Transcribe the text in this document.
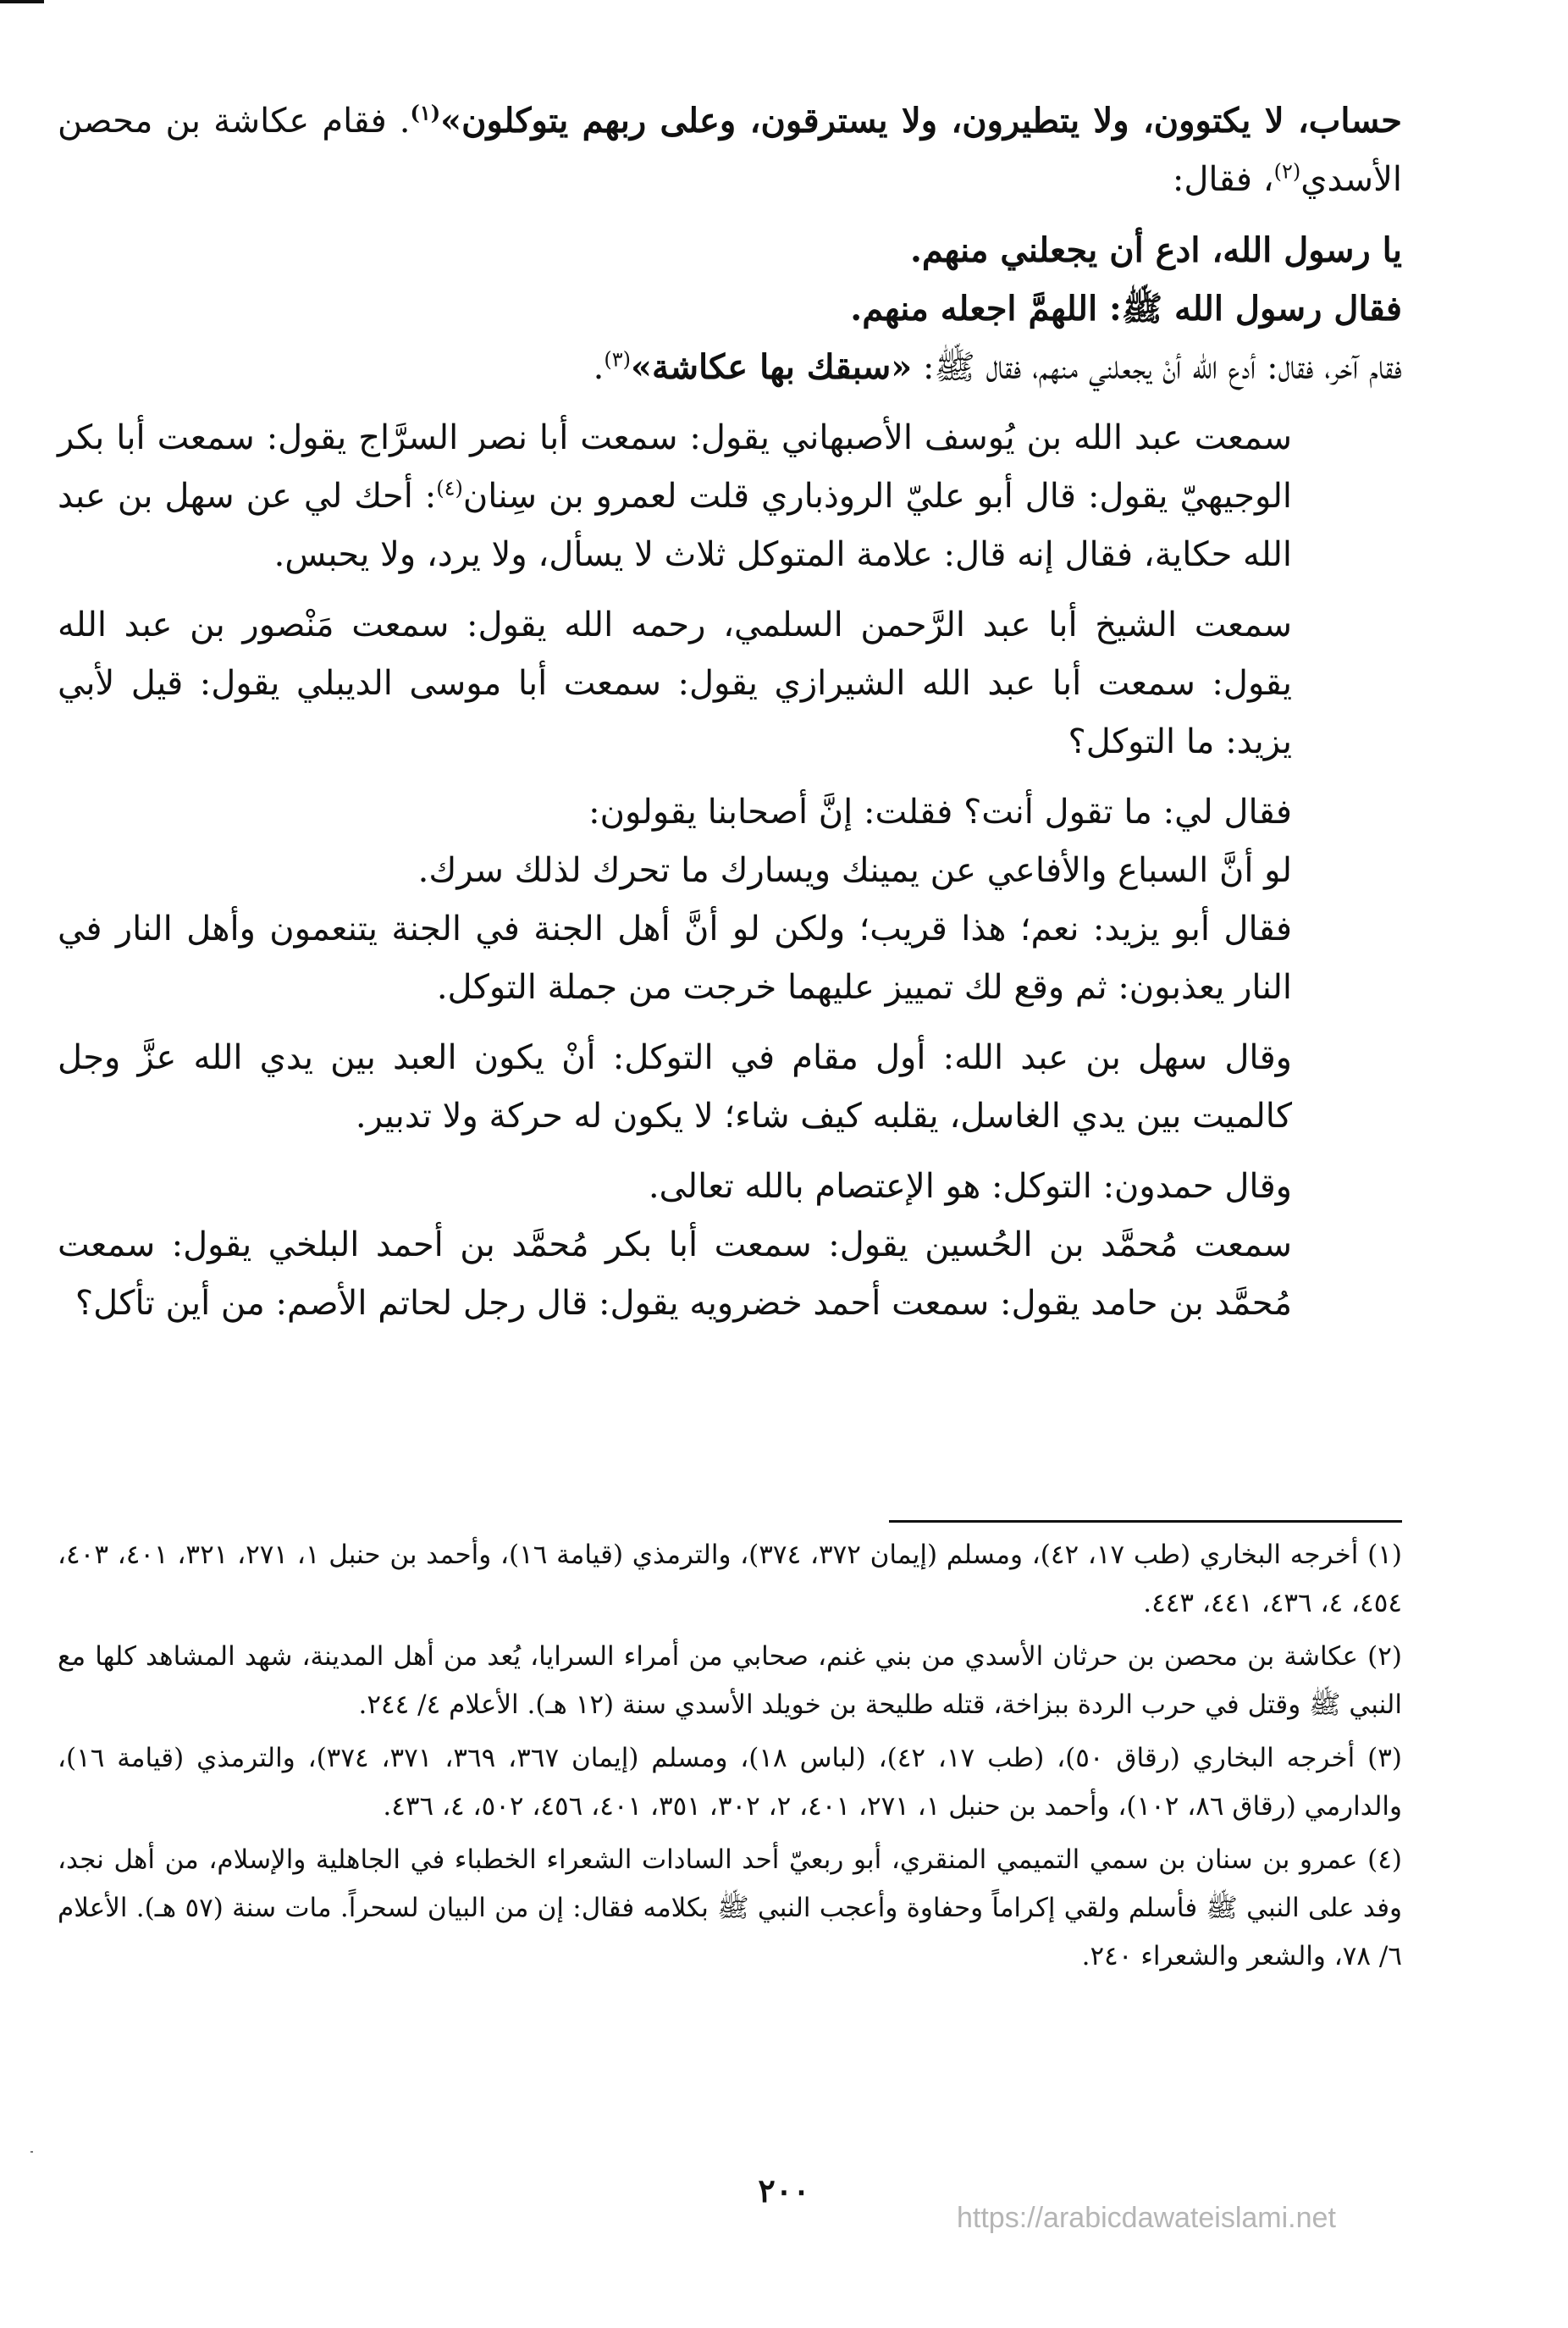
حساب، لا يكتوون، ولا يتطيرون، ولا يسترقون، وعلى ربهم يتوكلون»$^{(١)}$. فقام عكاشة بن محصن الأسدي$^{(٢)}$، فقال:

يا رسول الله، ادع أن يجعلني منهم.

فقال رسول الله ﷺ: اللهمَّ اجعله منهم.

فقام آخر، فقال: أدع الله أنْ يجعلني منهم، فقال ﷺ: «سبقك بها عكاشة»$^{(٣)}$.

سمعت عبد الله بن يُوسف الأصبهاني يقول: سمعت أبا نصر السرَّاج يقول: سمعت أبا بكر الوجيهيّ يقول: قال أبو عليّ الروذباري قلت لعمرو بن سِنان$^{(٤)}$: أحك لي عن سهل بن عبد الله حكاية، فقال إنه قال: علامة المتوكل ثلاث لا يسأل، ولا يرد، ولا يحبس.

سمعت الشيخ أبا عبد الرَّحمن السلمي، رحمه الله يقول: سمعت مَنْصور بن عبد الله يقول: سمعت أبا عبد الله الشيرازي يقول: سمعت أبا موسى الديبلي يقول: قيل لأبي يزيد: ما التوكل؟

فقال لي: ما تقول أنت؟ فقلت: إنَّ أصحابنا يقولون:

لو أنَّ السباع والأفاعي عن يمينك ويسارك ما تحرك لذلك سرك.

فقال أبو يزيد: نعم؛ هذا قريب؛ ولكن لو أنَّ أهل الجنة في الجنة يتنعمون وأهل النار في النار يعذبون: ثم وقع لك تمييز عليهما خرجت من جملة التوكل.

وقال سهل بن عبد الله: أول مقام في التوكل: أنْ يكون العبد بين يدي الله عزَّ وجل كالميت بين يدي الغاسل، يقلبه كيف شاء؛ لا يكون له حركة ولا تدبير.

وقال حمدون: التوكل: هو الإعتصام بالله تعالى.

سمعت مُحمَّد بن الحُسين يقول: سمعت أبا بكر مُحمَّد بن أحمد البلخي يقول: سمعت مُحمَّد بن حامد يقول: سمعت أحمد خضرويه يقول: قال رجل لحاتم الأصم: من أين تأكل؟

(١) أخرجه البخاري (طب ١٧، ٤٢)، ومسلم (إيمان ٣٧٢، ٣٧٤)، والترمذي (قيامة ١٦)، وأحمد بن حنبل ١، ٢٧١، ٣٢١، ٤٠١، ٤٠٣، ٤٥٤، ٤، ٤٣٦، ٤٤١، ٤٤٣.

(٢) عكاشة بن محصن بن حرثان الأسدي من بني غنم، صحابي من أمراء السرايا، يُعد من أهل المدينة، شهد المشاهد كلها مع النبي ﷺ وقتل في حرب الردة ببزاخة، قتله طليحة بن خويلد الأسدي سنة (١٢ هـ). الأعلام ٤/ ٢٤٤.

(٣) أخرجه البخاري (رقاق ٥٠)، (طب ١٧، ٤٢)، (لباس ١٨)، ومسلم (إيمان ٣٦٧، ٣٦٩، ٣٧١، ٣٧٤)، والترمذي (قيامة ١٦)، والدارمي (رقاق ٨٦، ١٠٢)، وأحمد بن حنبل ١، ٢٧١، ٤٠١، ٢، ٣٠٢، ٣٥١، ٤٠١، ٤٥٦، ٥٠٢، ٤، ٤٣٦.

(٤) عمرو بن سنان بن سمي التميمي المنقري، أبو ربعيّ أحد السادات الشعراء الخطباء في الجاهلية والإسلام، من أهل نجد، وفد على النبي ﷺ فأسلم ولقي إكراماً وحفاوة وأعجب النبي ﷺ بكلامه فقال: إن من البيان لسحراً. مات سنة (٥٧ هـ). الأعلام ٦/ ٧٨، والشعر والشعراء ٢٤٠.

٢٠٠
https://arabicdawateislami.net
